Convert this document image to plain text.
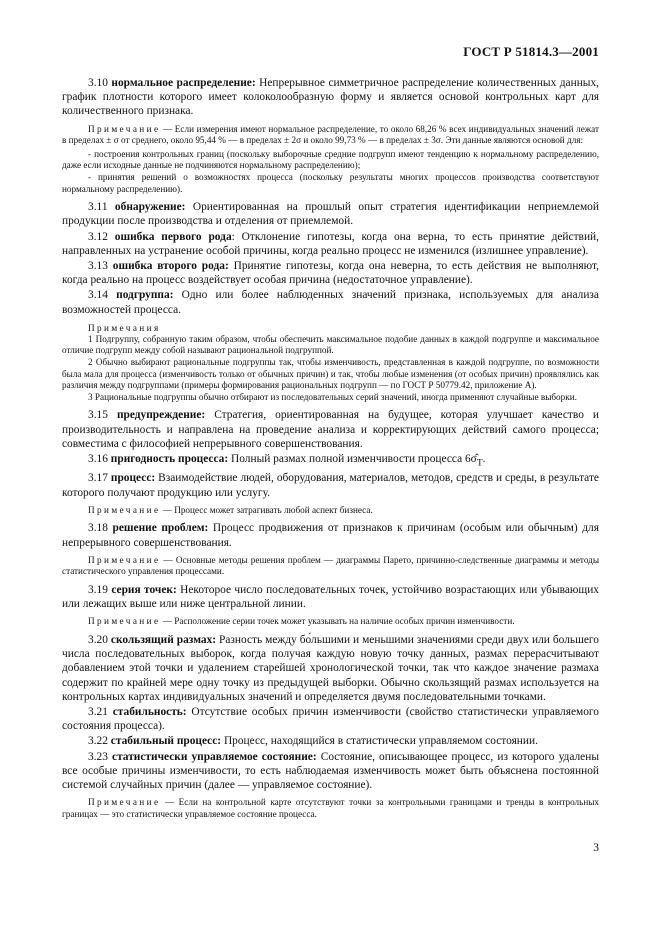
ГОСТ Р 51814.3—2001

3.10 нормальное распределение: Непрерывное симметричное распределение количественных данных, график плотности которого имеет колоколообразную форму и является основой контрольных карт для количественного признака.

Примечание — Если измерения имеют нормальное распределение, то около 68,26 % всех индивидуальных значений лежат в пределах ± σ от среднего, около 95,44 % — в пределах ± 2σ и около 99,73 % — в пределах ± 3σ. Эти данные являются основой для:

- построения контрольных границ (поскольку выборочные средние подгрупп имеют тенденцию к нормальному распределению, даже если исходные данные не подчиняются нормальному распределению);

- принятия решений о возможностях процесса (поскольку результаты многих процессов производства соответствуют нормальному распределению).

3.11 обнаружение: Ориентированная на прошлый опыт стратегия идентификации неприемлемой продукции после производства и отделения от приемлемой.

3.12 ошибка первого рода: Отклонение гипотезы, когда она верна, то есть принятие действий, направленных на устранение особой причины, когда реально процесс не изменился (излишнее управление).

3.13 ошибка второго рода: Принятие гипотезы, когда она неверна, то есть действия не выполняют, когда реально на процесс воздействует особая причина (недостаточное управление).

3.14 подгруппа: Одно или более наблюденных значений признака, используемых для анализа возможностей процесса.

Примечания

1 Подгруппу, собранную таким образом, чтобы обеспечить максимальное подобие данных в каждой подгруппе и максимальное отличие подгрупп между собой называют рациональной подгруппой.

2 Обычно выбирают рациональные подгруппы так, чтобы изменчивость, представленная в каждой подгруппе, по возможности была мала для процесса (изменчивость только от обычных причин) и так, чтобы любые изменения (от особых причин) проявлялись как различия между подгруппами (примеры формирования рациональных подгрупп — по ГОСТ Р 50779.42, приложение А).

3 Рациональные подгруппы обычно отбирают из последовательных серий значений, иногда применяют случайные выборки.

3.15 предупреждение: Стратегия, ориентированная на будущее, которая улучшает качество и производительность и направлена на проведение анализа и корректирующих действий самого процесса; совместима с философией непрерывного совершенствования.

3.16 пригодность процесса: Полный размах полной изменчивости процесса $6\sigmâ_T$.

3.17 процесс: Взаимодействие людей, оборудования, материалов, методов, средств и среды, в результате которого получают продукцию или услугу.

Примечание — Процесс может затрагивать любой аспект бизнеса.

3.18 решение проблем: Процесс продвижения от признаков к причинам (особым или обычным) для непрерывного совершенствования.

Примечание — Основные методы решения проблем — диаграммы Парето, причинно-следственные диаграммы и методы статистического управления процессами.

3.19 серия точек: Некоторое число последовательных точек, устойчиво возрастающих или убывающих или лежащих выше или ниже центральной линии.

Примечание — Расположение серии точек может указывать на наличие особых причин изменчивости.

3.20 скользящий размах: Разность между бо́льшими и меньшими значениями среди двух или большего числа последовательных выборок, когда получая каждую новую точку данных, размах перерасчитывают добавлением этой точки и удалением старейшей хронологической точки, так что каждое значение размаха содержит по крайней мере одну точку из предыдущей выборки. Обычно скользящий размах используется на контрольных картах индивидуальных значений и определяется двумя последовательными точками.

3.21 стабильность: Отсутствие особых причин изменчивости (свойство статистически управляемого состояния процесса).

3.22 стабильный процесс: Процесс, находящийся в статистически управляемом состоянии.

3.23 статистически управляемое состояние: Состояние, описывающее процесс, из которого удалены все особые причины изменчивости, то есть наблюдаемая изменчивость может быть объяснена постоянной системой случайных причин (далее — управляемое состояние).

Примечание — Если на контрольной карте отсутствуют точки за контрольными границами и тренды в контрольных границах — это статистически управляемое состояние процесса.

3
